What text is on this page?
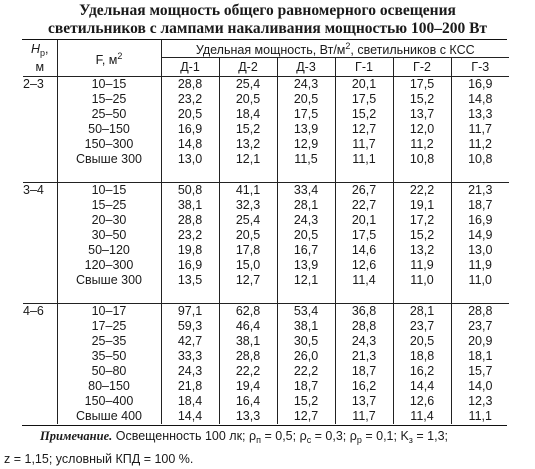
Удельная мощность общего равномерного освещения
светильников с лампами накаливания мощностью 100–200 Вт
$H_p$,
м	F, $м^2$	Удельная мощность, $Вт/м^2$, светильников с КСС					
		Д-1	Д-2	Д-3	Г-1	Г-2	Г-3
2–3	10–15	28,8	25,4	24,3	20,1	17,5	16,9
	15–25	23,2	20,5	20,5	17,5	15,2	14,8
	25–50	20,5	18,4	17,5	15,2	13,7	13,3
	50–150	16,9	15,2	13,9	12,7	12,0	11,7
	150–300	14,8	13,2	12,9	11,7	11,2	11,2
	Свыше 300	13,0	12,1	11,5	11,1	10,8	10,8

3–4	10–15	50,8	41,1	33,4	26,7	22,2	21,3
	15–25	38,1	32,3	28,1	22,7	19,1	18,7
	20–30	28,8	25,4	24,3	20,1	17,2	16,9
	30–50	23,2	20,5	20,5	17,5	15,2	14,9
	50–120	19,8	17,8	16,7	14,6	13,2	13,0
	120–300	16,9	15,0	13,9	12,6	11,9	11,9
	Свыше 300	13,5	12,7	12,1	11,4	11,0	11,0

4–6	10–17	97,1	62,8	53,4	36,8	28,1	28,8
	17–25	59,3	46,4	38,1	28,8	23,7	23,7
	25–35	42,7	38,1	30,5	24,3	20,5	20,9
	35–50	33,3	28,8	26,0	21,3	18,8	18,1
	50–80	24,3	22,2	22,2	18,7	16,2	15,7
	80–150	21,8	19,4	18,7	16,2	14,4	14,0
	150–400	18,4	16,4	15,2	13,7	12,6	12,3
	Свыше 400	14,4	13,3	12,7	11,7	11,4	11,1
Примечание. Освещенность 100 лк; $\rho_п = 0,5$; $\rho_с = 0,3$; $\rho_р = 0,1$; $K_з = 1,3$;
z = 1,15; условный КПД = 100 %.
